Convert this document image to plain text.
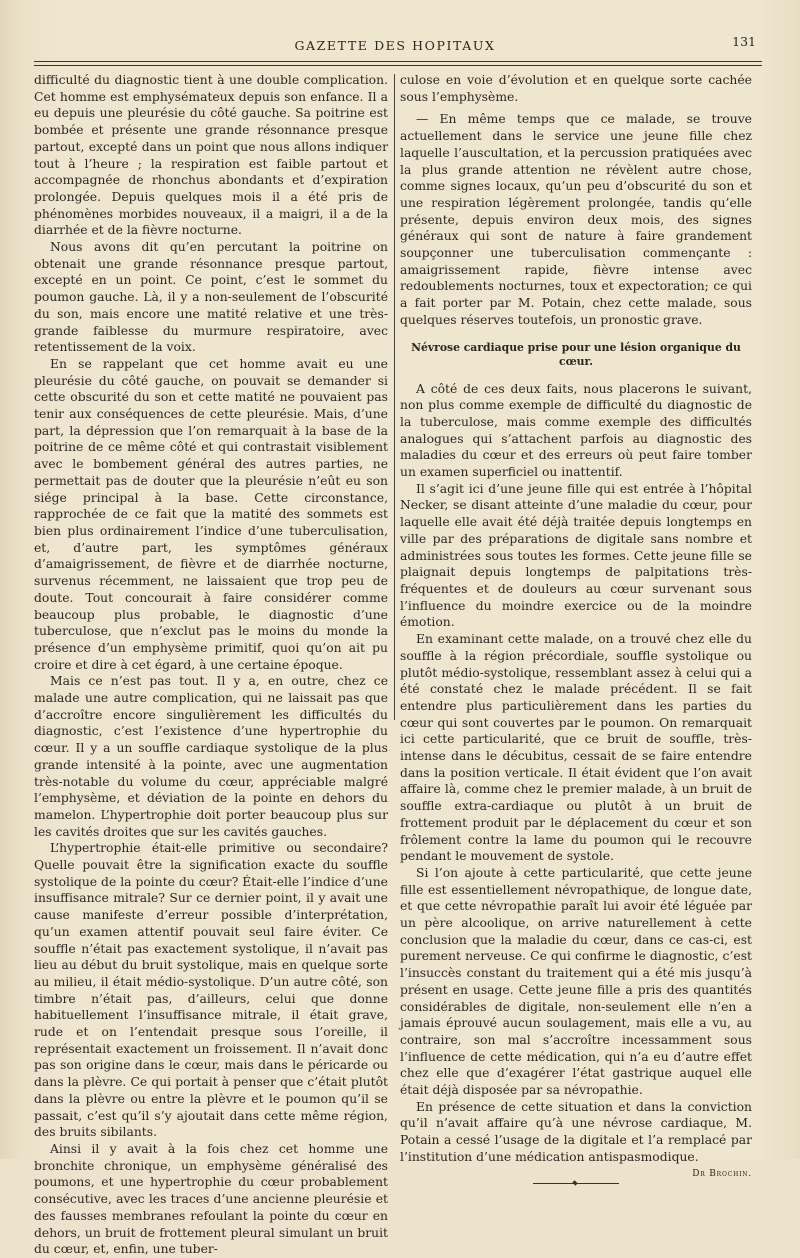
GAZETTE DES HOPITAUX	131

difficulté du diagnostic tient à une double complication. Cet homme est emphysémateux depuis son enfance. Il a eu depuis une pleurésie du côté gauche. Sa poitrine est bombée et présente une grande résonnance presque partout, excepté dans un point que nous allons indiquer tout à l’heure ; la respiration est faible partout et accompagnée de rhonchus abondants et d’expiration prolongée. Depuis quelques mois il a été pris de phénomènes morbides nouveaux, il a maigri, il a de la diarrhée et de la fièvre nocturne.

Nous avons dit qu’en percutant la poitrine on obtenait une grande résonnance presque partout, excepté en un point. Ce point, c’est le sommet du poumon gauche. Là, il y a non-seulement de l’obscurité du son, mais encore une matité relative et une très-grande faiblesse du murmure respiratoire, avec retentissement de la voix.

En se rappelant que cet homme avait eu une pleurésie du côté gauche, on pouvait se demander si cette obscurité du son et cette matité ne pouvaient pas tenir aux conséquences de cette pleurésie. Mais, d’une part, la dépression que l’on remarquait à la base de la poitrine de ce même côté et qui contrastait visiblement avec le bombement général des autres parties, ne permettait pas de douter que la pleurésie n’eût eu son siége principal à la base. Cette circonstance, rapprochée de ce fait que la matité des sommets est bien plus ordinairement l’indice d’une tuberculisation, et, d’autre part, les symptômes généraux d’amaigrissement, de fièvre et de diarrhée nocturne, survenus récemment, ne laissaient que trop peu de doute. Tout concourait à faire considérer comme beaucoup plus probable, le diagnostic d’une tuberculose, que n’exclut pas le moins du monde la présence d’un emphysème primitif, quoi qu’on ait pu croire et dire à cet égard, à une certaine époque.

Mais ce n’est pas tout. Il y a, en outre, chez ce malade une autre complication, qui ne laissait pas que d’accroître encore singulièrement les difficultés du diagnostic, c’est l’existence d’une hypertrophie du cœur. Il y a un souffle cardiaque systolique de la plus grande intensité à la pointe, avec une augmentation très-notable du volume du cœur, appréciable malgré l’emphysème, et déviation de la pointe en dehors du mamelon. L’hypertrophie doit porter beaucoup plus sur les cavités droites que sur les cavités gauches.

L’hypertrophie était-elle primitive ou secondaire? Quelle pouvait être la signification exacte du souffle systolique de la pointe du cœur? Était-elle l’indice d’une insuffisance mitrale? Sur ce dernier point, il y avait une cause manifeste d’erreur possible d’interprétation, qu’un examen attentif pouvait seul faire éviter. Ce souffle n’était pas exactement systolique, il n’avait pas lieu au début du bruit systolique, mais en quelque sorte au milieu, il était médio-systolique. D’un autre côté, son timbre n’était pas, d’ailleurs, celui que donne habituellement l’insuffisance mitrale, il était grave, rude et on l’entendait presque sous l’oreille, il représentait exactement un froissement. Il n’avait donc pas son origine dans le cœur, mais dans le péricarde ou dans la plèvre. Ce qui portait à penser que c’était plutôt dans la plèvre ou entre la plèvre et le poumon qu’il se passait, c’est qu’il s’y ajoutait dans cette même région, des bruits sibilants.

Ainsi il y avait à la fois chez cet homme une bronchite chronique, un emphysème généralisé des poumons, et une hypertrophie du cœur probablement consécutive, avec les traces d’une ancienne pleurésie et des fausses membranes refoulant la pointe du cœur en dehors, un bruit de frottement pleural simulant un bruit du cœur, et, enfin, une tuber-

culose en voie d’évolution et en quelque sorte cachée sous l’emphysème.

— En même temps que ce malade, se trouve actuellement dans le service une jeune fille chez laquelle l’auscultation, et la percussion pratiquées avec la plus grande attention ne révèlent autre chose, comme signes locaux, qu’un peu d’obscurité du son et une respiration légèrement prolongée, tandis qu’elle présente, depuis environ deux mois, des signes généraux qui sont de nature à faire grandement soupçonner une tuberculisation commençante : amaigrissement rapide, fièvre intense avec redoublements nocturnes, toux et expectoration; ce qui a fait porter par M. Potain, chez cette malade, sous quelques réserves toutefois, un pronostic grave.

Névrose cardiaque prise pour une lésion organique du cœur.

A côté de ces deux faits, nous placerons le suivant, non plus comme exemple de difficulté du diagnostic de la tuberculose, mais comme exemple des difficultés analogues qui s’attachent parfois au diagnostic des maladies du cœur et des erreurs où peut faire tomber un examen superficiel ou inattentif.

Il s’agit ici d’une jeune fille qui est entrée à l’hôpital Necker, se disant atteinte d’une maladie du cœur, pour laquelle elle avait été déjà traitée depuis longtemps en ville par des préparations de digitale sans nombre et administrées sous toutes les formes. Cette jeune fille se plaignait depuis longtemps de palpitations très-fréquentes et de douleurs au cœur survenant sous l’influence du moindre exercice ou de la moindre émotion.

En examinant cette malade, on a trouvé chez elle du souffle à la région précordiale, souffle systolique ou plutôt médio-systolique, ressemblant assez à celui qui a été constaté chez le malade précédent. Il se fait entendre plus particulièrement dans les parties du cœur qui sont couvertes par le poumon. On remarquait ici cette particularité, que ce bruit de souffle, très-intense dans le décubitus, cessait de se faire entendre dans la position verticale. Il était évident que l’on avait affaire là, comme chez le premier malade, à un bruit de souffle extra-cardiaque ou plutôt à un bruit de frottement produit par le déplacement du cœur et son frôlement contre la lame du poumon qui le recouvre pendant le mouvement de systole.

Si l’on ajoute à cette particularité, que cette jeune fille est essentiellement névropathique, de longue date, et que cette névropathie paraît lui avoir été léguée par un père alcoolique, on arrive naturellement à cette conclusion que la maladie du cœur, dans ce cas-ci, est purement nerveuse. Ce qui confirme le diagnostic, c’est l’insuccès constant du traitement qui a été mis jusqu’à présent en usage. Cette jeune fille a pris des quantités considérables de digitale, non-seulement elle n’en a jamais éprouvé aucun soulagement, mais elle a vu, au contraire, son mal s’accroître incessamment sous l’influence de cette médication, qui n’a eu d’autre effet chez elle que d’exagérer l’état gastrique auquel elle était déjà disposée par sa névropathie.

En présence de cette situation et dans la conviction qu’il n’avait affaire qu’à une névrose cardiaque, M. Potain a cessé l’usage de la digitale et l’a remplacé par l’institution d’une médication antispasmodique.
Dr Brochin.
